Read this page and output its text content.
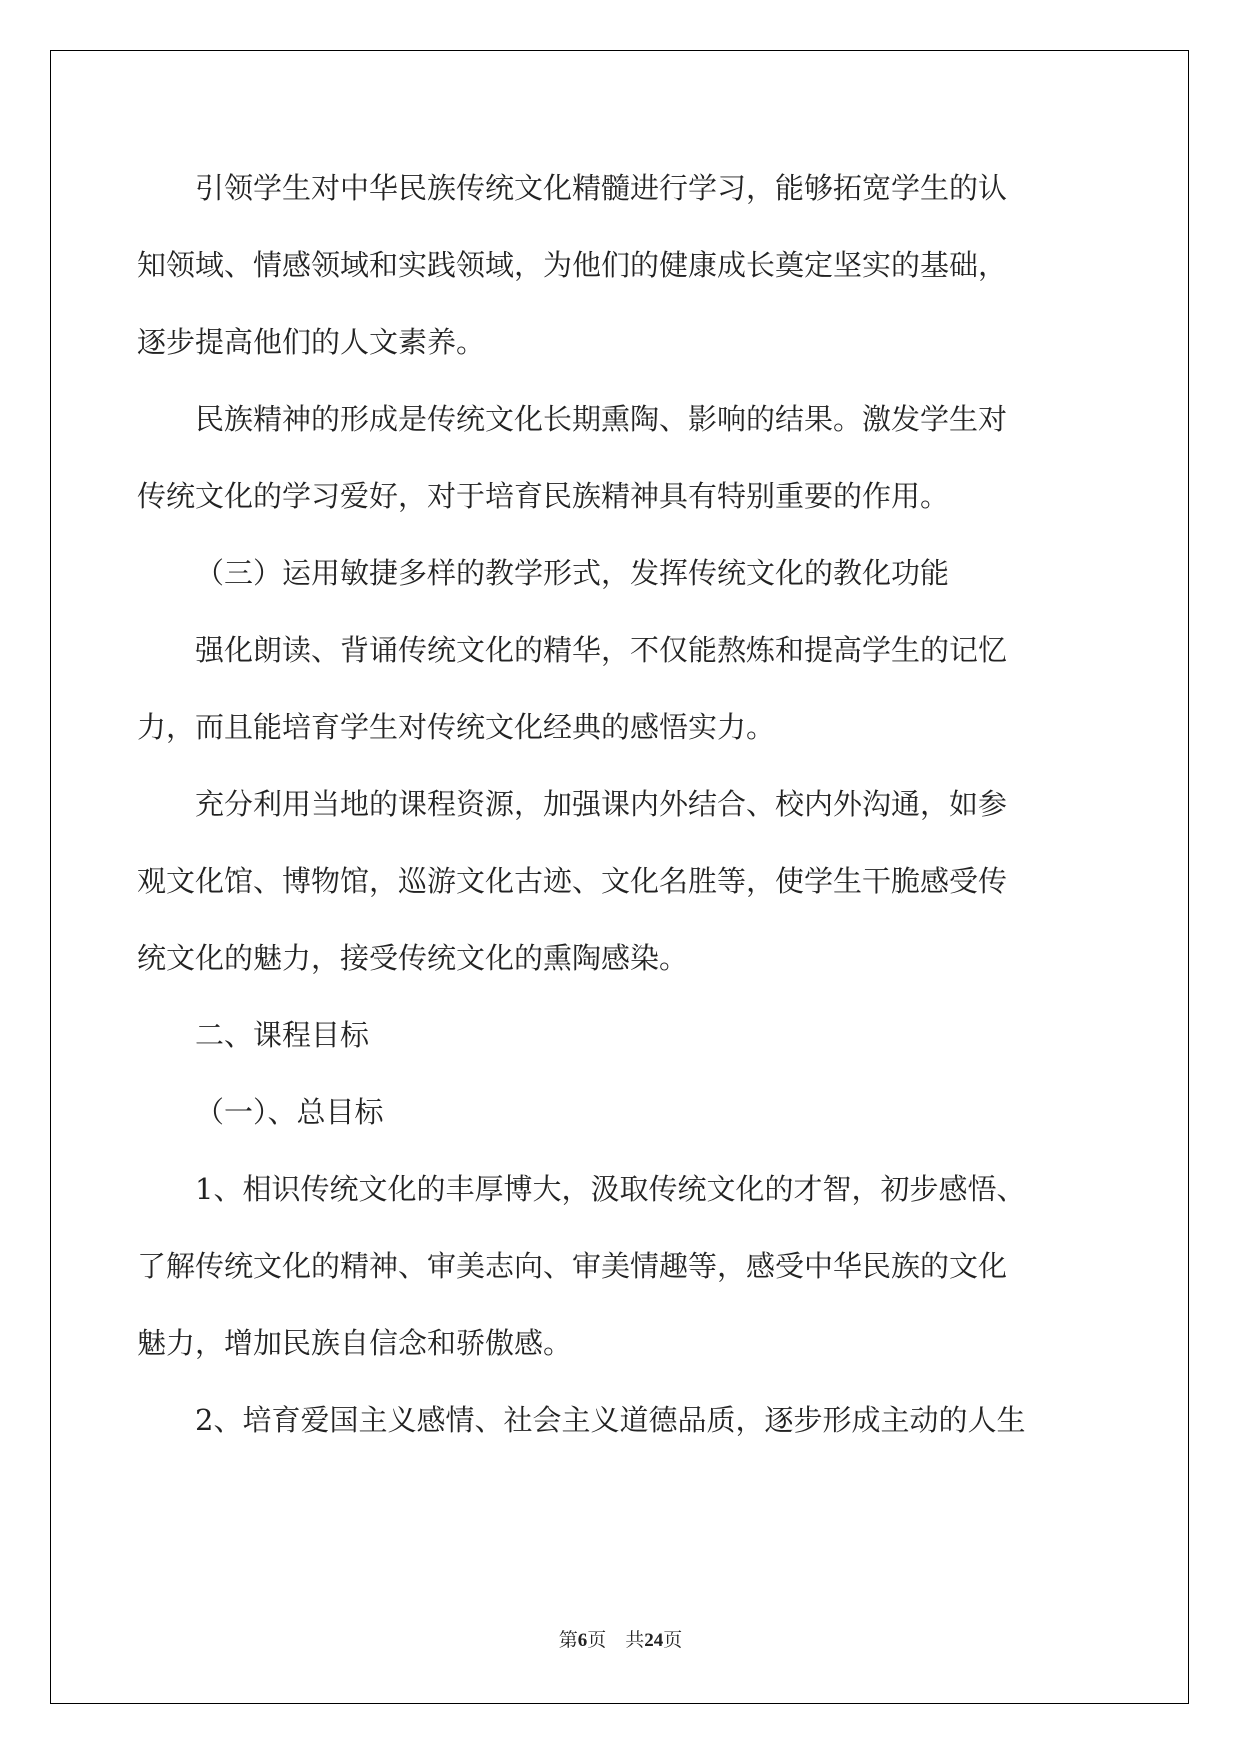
引领学生对中华民族传统文化精髓进行学习，能够拓宽学生的认

知领域、情感领域和实践领域，为他们的健康成长奠定坚实的基础，

逐步提高他们的人文素养。

民族精神的形成是传统文化长期熏陶、影响的结果。激发学生对

传统文化的学习爱好，对于培育民族精神具有特别重要的作用。

（三）运用敏捷多样的教学形式，发挥传统文化的教化功能

强化朗读、背诵传统文化的精华，不仅能熬炼和提高学生的记忆

力，而且能培育学生对传统文化经典的感悟实力。

充分利用当地的课程资源，加强课内外结合、校内外沟通，如参

观文化馆、博物馆，巡游文化古迹、文化名胜等，使学生干脆感受传

统文化的魅力，接受传统文化的熏陶感染。

二、课程目标

（一）、总目标

1、相识传统文化的丰厚博大，汲取传统文化的才智，初步感悟、

了解传统文化的精神、审美志向、审美情趣等，感受中华民族的文化

魅力，增加民族自信念和骄傲感。

2、培育爱国主义感情、社会主义道德品质，逐步形成主动的人生

第6页　共24页
